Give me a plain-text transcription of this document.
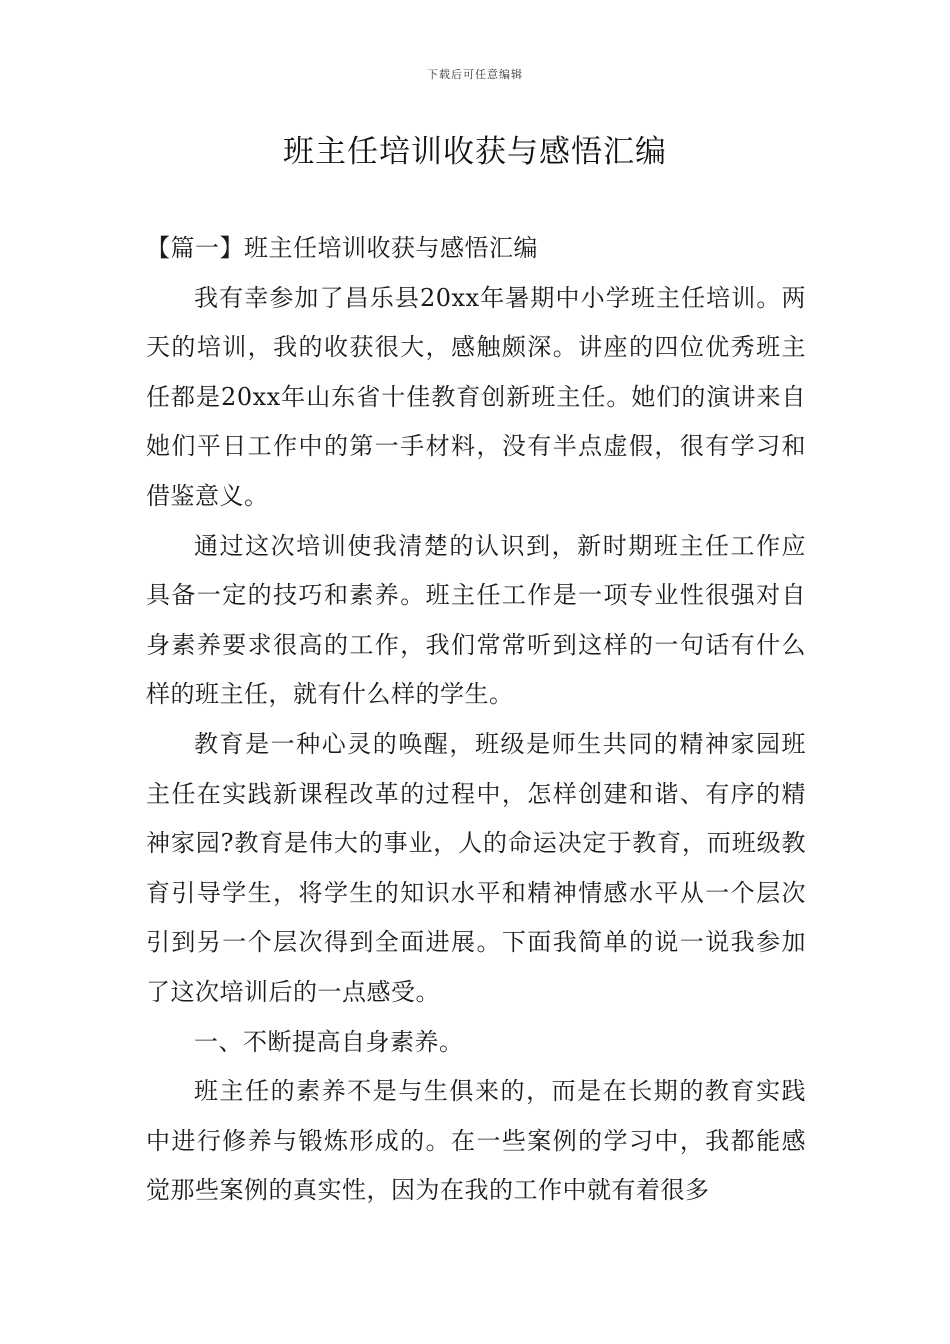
下载后可任意编辑
班主任培训收获与感悟汇编

【篇一】班主任培训收获与感悟汇编

我有幸参加了昌乐县20xx年暑期中小学班主任培训。两天的培训，我的收获很大，感触颇深。讲座的四位优秀班主任都是20xx年山东省十佳教育创新班主任。她们的演讲来自她们平日工作中的第一手材料，没有半点虚假，很有学习和借鉴意义。

通过这次培训使我清楚的认识到，新时期班主任工作应具备一定的技巧和素养。班主任工作是一项专业性很强对自身素养要求很高的工作，我们常常听到这样的一句话有什么样的班主任，就有什么样的学生。

教育是一种心灵的唤醒，班级是师生共同的精神家园班主任在实践新课程改革的过程中，怎样创建和谐、有序的精神家园?教育是伟大的事业，人的命运决定于教育，而班级教育引导学生，将学生的知识水平和精神情感水平从一个层次引到另一个层次得到全面进展。下面我简单的说一说我参加了这次培训后的一点感受。

一、不断提高自身素养。

班主任的素养不是与生俱来的，而是在长期的教育实践中进行修养与锻炼形成的。在一些案例的学习中，我都能感觉那些案例的真实性，因为在我的工作中就有着很多
